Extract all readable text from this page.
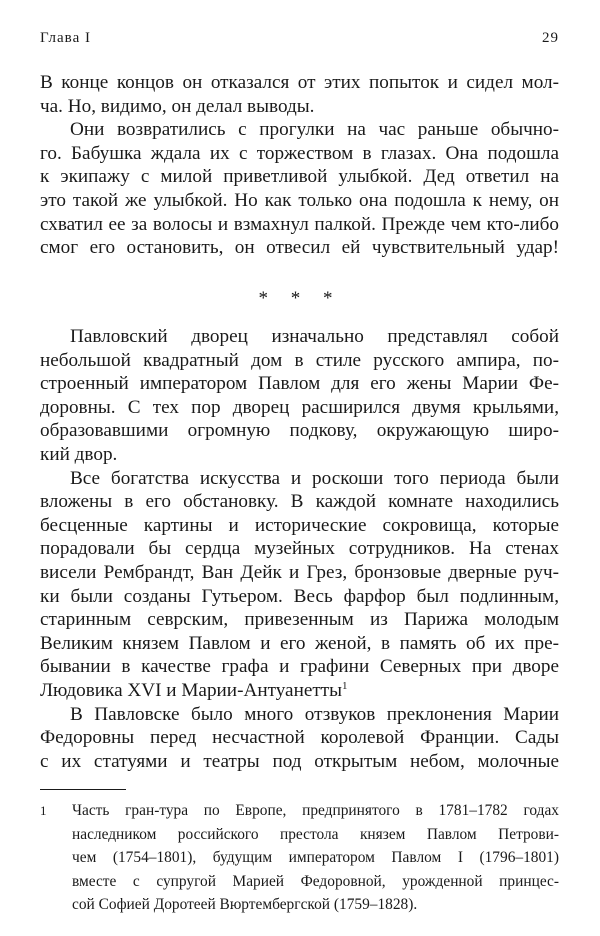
Глава I	29
В конце концов он отказался от этих попыток и сидел мол-
ча. Но, видимо, он делал выводы.
Они возвратились с прогулки на час раньше обычно-
го. Бабушка ждала их с торжеством в глазах. Она подошла
к экипажу с милой приветливой улыбкой. Дед ответил на
это такой же улыбкой. Но как только она подошла к нему, он
схватил ее за волосы и взмахнул палкой. Прежде чем кто-либо
смог его остановить, он отвесил ей чувствительный удар!
* * *
Павловский дворец изначально представлял собой
небольшой квадратный дом в стиле русского ампира, по-
строенный императором Павлом для его жены Марии Фе-
доровны. С тех пор дворец расширился двумя крыльями,
образовавшими огромную подкову, окружающую широ-
кий двор.
Все богатства искусства и роскоши того периода были
вложены в его обстановку. В каждой комнате находились
бесценные картины и исторические сокровища, которые
порадовали бы сердца музейных сотрудников. На стенах
висели Рембрандт, Ван Дейк и Грез, бронзовые дверные руч-
ки были созданы Гутьером. Весь фарфор был подлинным,
старинным севрским, привезенным из Парижа молодым
Великим князем Павлом и его женой, в память об их пре-
бывании в качестве графа и графини Северных при дворе
Людовика XVI и Марии-Антуанетты$^1$
В Павловске было много отзвуков преклонения Марии
Федоровны перед несчастной королевой Франции. Сады
с их статуями и театры под открытым небом, молочные
1 Часть гран-тура по Европе, предпринятого в 1781–1782 годах
наследником российского престола князем Павлом Петрови-
чем (1754–1801), будущим императором Павлом I (1796–1801)
вместе с супругой Марией Федоровной, урожденной принцес-
сой Софией Доротеей Вюртембергской (1759–1828).
